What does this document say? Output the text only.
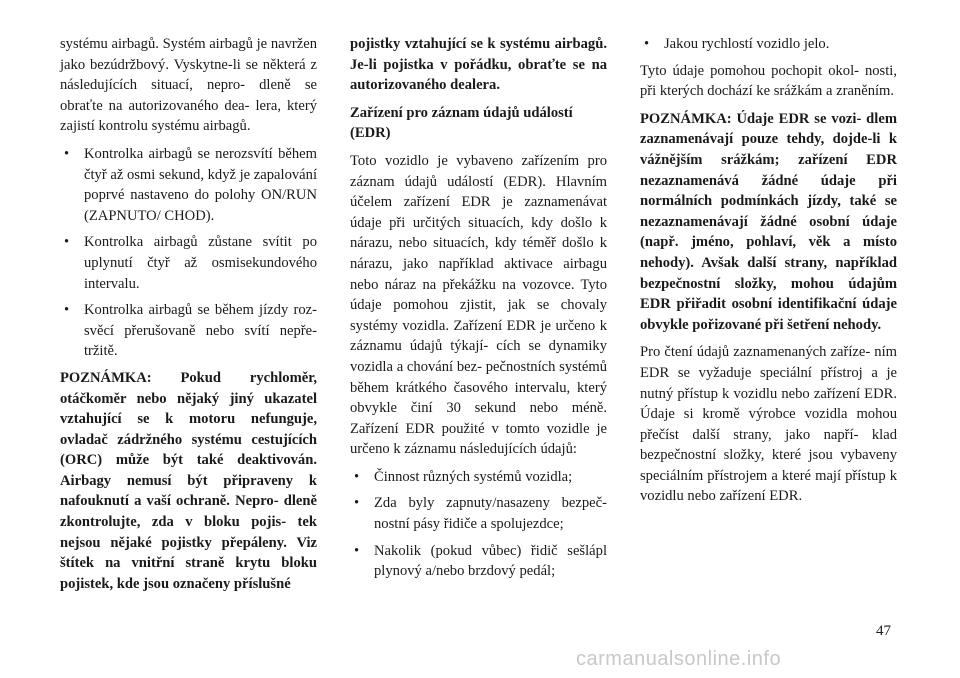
systému airbagů. Systém airbagů je navržen jako bezúdržbový. Vyskytne-li se některá z následujících situací, nepro- dleně se obraťte na autorizovaného dea- lera, který zajistí kontrolu systému airbagů.

• Kontrolka airbagů se nerozsvítí během čtyř až osmi sekund, když je zapalování poprvé nastaveno do polohy ON/RUN (ZAPNUTO/ CHOD).
• Kontrolka airbagů zůstane svítit po uplynutí čtyř až osmisekundového intervalu.
• Kontrolka airbagů se během jízdy roz- svěcí přerušovaně nebo svítí nepře- tržitě.

POZNÁMKA: Pokud rychloměr, otáčkoměr nebo nějaký jiný ukazatel vztahující se k motoru nefunguje, ovladač zádržného systému cestujících (ORC) může být také deaktivován. Airbagy nemusí být připraveny k nafouknutí a vaší ochraně. Nepro- dleně zkontrolujte, zda v bloku pojis- tek nejsou nějaké pojistky přepáleny. Viz štítek na vnitřní straně krytu bloku pojistek, kde jsou označeny příslušné

pojistky vztahující se k systému airbagů. Je-li pojistka v pořádku, obraťte se na autorizovaného dealera.

Zařízení pro záznam údajů událostí (EDR)

Toto vozidlo je vybaveno zařízením pro záznam údajů událostí (EDR). Hlavním účelem zařízení EDR je zaznamenávat údaje při určitých situacích, kdy došlo k nárazu, nebo situacích, kdy téměř došlo k nárazu, jako například aktivace airbagu nebo náraz na překážku na vozovce. Tyto údaje pomohou zjistit, jak se chovaly systémy vozidla. Zařízení EDR je určeno k záznamu údajů týkají- cích se dynamiky vozidla a chování bez- pečnostních systémů během krátkého časového intervalu, který obvykle činí 30 sekund nebo méně. Zařízení EDR použité v tomto vozidle je určeno k záznamu následujících údajů:

• Činnost různých systémů vozidla;
• Zda byly zapnuty/nasazeny bezpeč- nostní pásy řidiče a spolujezdce;
• Nakolik (pokud vůbec) řidič sešlápl plynový a/nebo brzdový pedál;
• Jakou rychlostí vozidlo jelo.

Tyto údaje pomohou pochopit okol- nosti, při kterých dochází ke srážkám a zraněním.

POZNÁMKA: Údaje EDR se vozi- dlem zaznamenávají pouze tehdy, dojde-li k vážnějším srážkám; zařízení EDR nezaznamenává žádné údaje při normálních podmínkách jízdy, také se nezaznamenávají žádné osobní údaje (např. jméno, pohlaví, věk a místo nehody). Avšak další strany, například bezpečnostní složky, mohou údajům EDR přiřadit osobní identifikační údaje obvykle pořizované při šetření nehody.

Pro čtení údajů zaznamenaných zaříze- ním EDR se vyžaduje speciální přístroj a je nutný přístup k vozidlu nebo zařízení EDR. Údaje si kromě výrobce vozidla mohou přečíst další strany, jako napří- klad bezpečnostní složky, které jsou vybaveny speciálním přístrojem a které mají přístup k vozidlu nebo zařízení EDR.

47
carmanualsonline.info
